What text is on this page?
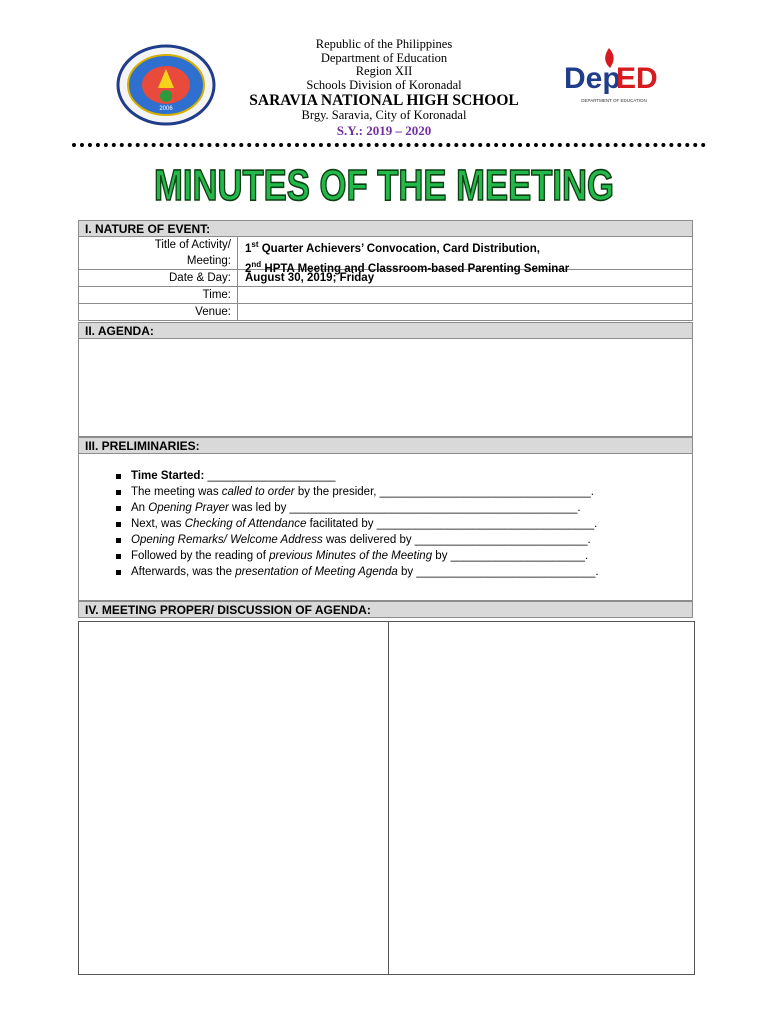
2006
Dep
ED
DEPARTMENT OF EDUCATION
Republic of the Philippines
Department of Education
Region XII
Schools Division of Koronadal
SARAVIA NATIONAL HIGH SCHOOL
Brgy. Saravia, City of Koronadal
S.Y.: 2019 – 2020
MINUTES OF THE MEETING
I. NATURE OF EVENT:
Title of Activity/
Meeting:
1st Quarter Achievers’ Convocation, Card Distribution,
2nd HPTA Meeting and Classroom-based Parenting Seminar
Date & Day:	August 30, 2019; Friday
Time:
Venue:
II. AGENDA:
III. PRELIMINARIES:
Time Started: ____________________
The meeting was called to order by the presider, _________________________________.
An Opening Prayer was led by _____________________________________________.
Next, was Checking of Attendance facilitated by __________________________________.
Opening Remarks/ Welcome Address was delivered by ___________________________.
Followed by the reading of previous Minutes of the Meeting by _____________________.
Afterwards, was the presentation of Meeting Agenda by ____________________________.
IV. MEETING PROPER/ DISCUSSION OF AGENDA:
